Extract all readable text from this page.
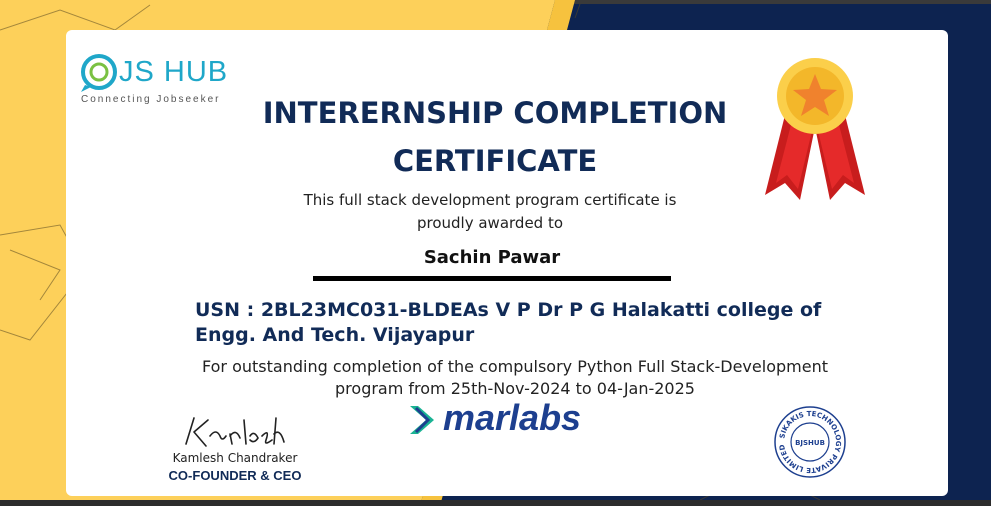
JS HUB
Connecting Jobseeker	INTERERNSHIP COMPLETION
CERTIFICATE
This full stack development program certificate is
proudly awarded to
Sachin Pawar
USN : 2BL23MC031-BLDEAs V P Dr P G Halakatti college of
Engg. And Tech. Vijayapur
For outstanding completion of the compulsory Python Full Stack-Development
program from 25th-Nov-2024 to 04-Jan-2025
Kamlesh Chandraker
CO-FOUNDER & CEO
marlabs	SIKAKIS TECHNOLOGY PRIVATE LIMITED
BJSHUB
